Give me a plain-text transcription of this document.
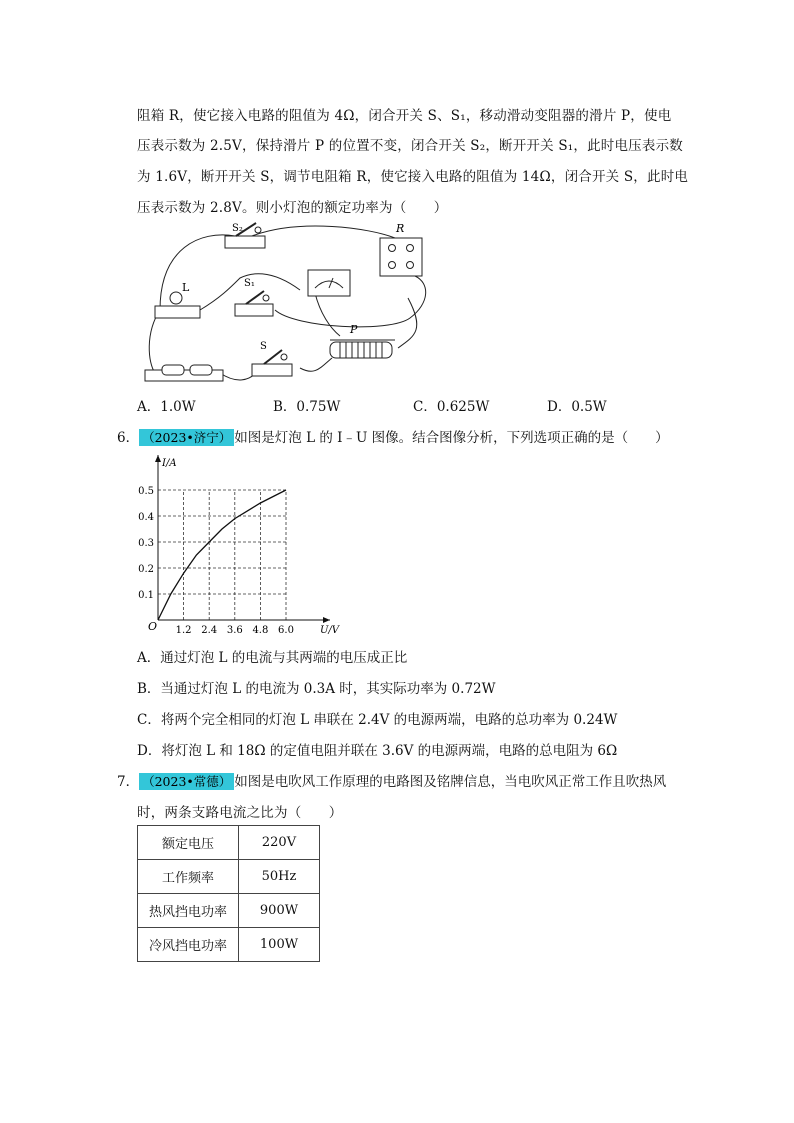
阻箱 R，使它接入电路的阻值为 4Ω，闭合开关 S、S₁，移动滑动变阻器的滑片 P，使电
压表示数为 2.5V，保持滑片 P 的位置不变，闭合开关 S₂，断开开关 S₁，此时电压表示数
为 1.6V，断开开关 S，调节电阻箱 R，使它接入电路的阻值为 14Ω，闭合开关 S，此时电
压表示数为 2.8V。则小灯泡的额定功率为（　　）
S₂
S₁
L
R
P
S
A．1.0W	B．0.75W	C．0.625W	D．0.5W
6． （2023•济宁） 如图是灯泡 L 的 I﹣U 图像。结合图像分析，下列选项正确的是（　　）
1.2 2.4 3.6 4.8 6.0
0.1
0.2
0.3
0.4
0.5
O	U/V
I/A
A．通过灯泡 L 的电流与其两端的电压成正比
B．当通过灯泡 L 的电流为 0.3A 时，其实际功率为 0.72W
C．将两个完全相同的灯泡 L 串联在 2.4V 的电源两端，电路的总功率为 0.24W
D．将灯泡 L 和 18Ω 的定值电阻并联在 3.6V 的电源两端，电路的总电阻为 6Ω
7． （2023•常德） 如图是电吹风工作原理的电路图及铭牌信息，当电吹风正常工作且吹热风
时，两条支路电流之比为（　　）
额定电压	220V
工作频率	50Hz
热风挡电功率	900W
冷风挡电功率	100W
